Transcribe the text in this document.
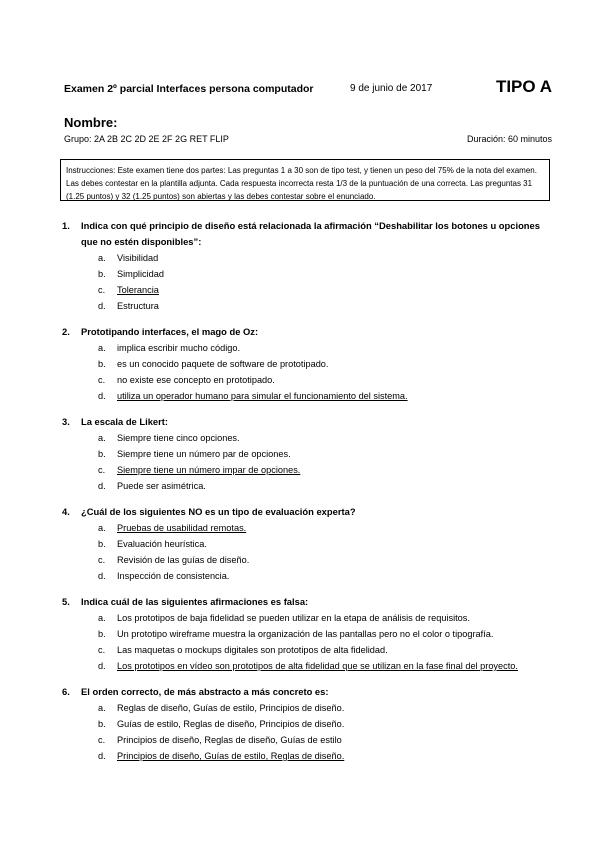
Examen 2º parcial Interfaces persona computador	9 de junio de 2017	TIPO A
Nombre:
Grupo: 2A 2B 2C 2D 2E 2F 2G RET FLIP	Duración: 60 minutos
Instrucciones: Este examen tiene dos partes: Las preguntas 1 a 30 son de tipo test, y tienen un peso del 75% de la nota del examen. Las debes contestar en la plantilla adjunta. Cada respuesta incorrecta resta 1/3 de la puntuación de una correcta. Las preguntas 31 (1.25 puntos) y 32 (1.25 puntos) son abiertas y las debes contestar sobre el enunciado.
1.	Indica con qué principio de diseño está relacionada la afirmación “Deshabilitar los botones u opciones que no estén disponibles”:
a.	Visibilidad
b.	Simplicidad
c.	Tolerancia
d.	Estructura
2.	Prototipando interfaces, el mago de Oz:
a.	implica escribir mucho código.
b.	es un conocido paquete de software de prototipado.
c.	no existe ese concepto en prototipado.
d.	utiliza un operador humano para simular el funcionamiento del sistema.
3.	La escala de Likert:
a.	Siempre tiene cinco opciones.
b.	Siempre tiene un número par de opciones.
c.	Siempre tiene un número impar de opciones.
d.	Puede ser asimétrica.
4.	¿Cuál de los siguientes NO es un tipo de evaluación experta?
a.	Pruebas de usabilidad remotas.
b.	Evaluación heurística.
c.	Revisión de las guías de diseño.
d.	Inspección de consistencia.
5.	Indica cuál de las siguientes afirmaciones es falsa:
a.	Los prototipos de baja fidelidad se pueden utilizar en la etapa de análisis de requisitos.
b.	Un prototipo wireframe muestra la organización de las pantallas pero no el color o tipografía.
c.	Las maquetas o mockups digitales son prototipos de alta fidelidad.
d.	Los prototipos en vídeo son prototipos de alta fidelidad que se utilizan en la fase final del proyecto.
6.	El orden correcto, de más abstracto a más concreto es:
a.	Reglas de diseño, Guías de estilo, Principios de diseño.
b.	Guías de estilo, Reglas de diseño, Principios de diseño.
c.	Principios de diseño, Reglas de diseño, Guías de estilo
d.	Principios de diseño, Guías de estilo, Reglas de diseño.
